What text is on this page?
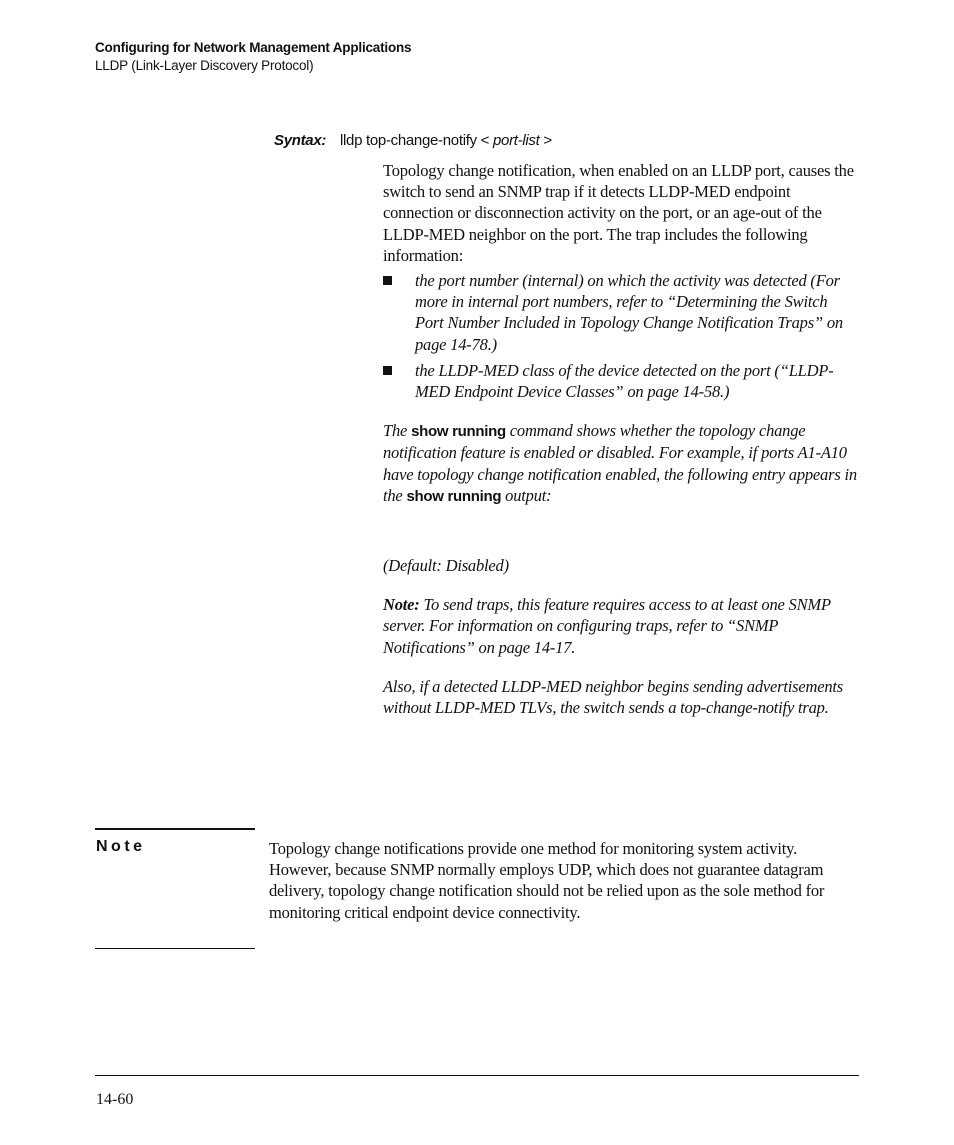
Configuring for Network Management Applications
LLDP (Link-Layer Discovery Protocol)
Syntax: lldp top-change-notify < port-list >

Topology change notification, when enabled on an LLDP port, causes the switch to send an SNMP trap if it detects LLDP-MED endpoint connection or disconnection activity on the port, or an age-out of the LLDP-MED neighbor on the port. The trap includes the following information:

the port number (internal) on which the activity was detected (For more in internal port numbers, refer to “Determining the Switch Port Number Included in Topology Change Notification Traps” on page 14-78.)
the LLDP-MED class of the device detected on the port (“LLDP-MED Endpoint Device Classes” on page 14-58.)

The show running command shows whether the topology change notification feature is enabled or disabled. For example, if ports A1-A10 have topology change notification enabled, the following entry appears in the show running output:

(Default: Disabled)

Note: To send traps, this feature requires access to at least one SNMP server. For information on configuring traps, refer to “SNMP Notifications” on page 14-17.

Also, if a detected LLDP-MED neighbor begins sending advertisements without LLDP-MED TLVs, the switch sends a top-change-notify trap.

Note	Topology change notifications provide one method for monitoring system activity. However, because SNMP normally employs UDP, which does not guarantee datagram delivery, topology change notification should not be relied upon as the sole method for monitoring critical endpoint device connectivity.

14-60
